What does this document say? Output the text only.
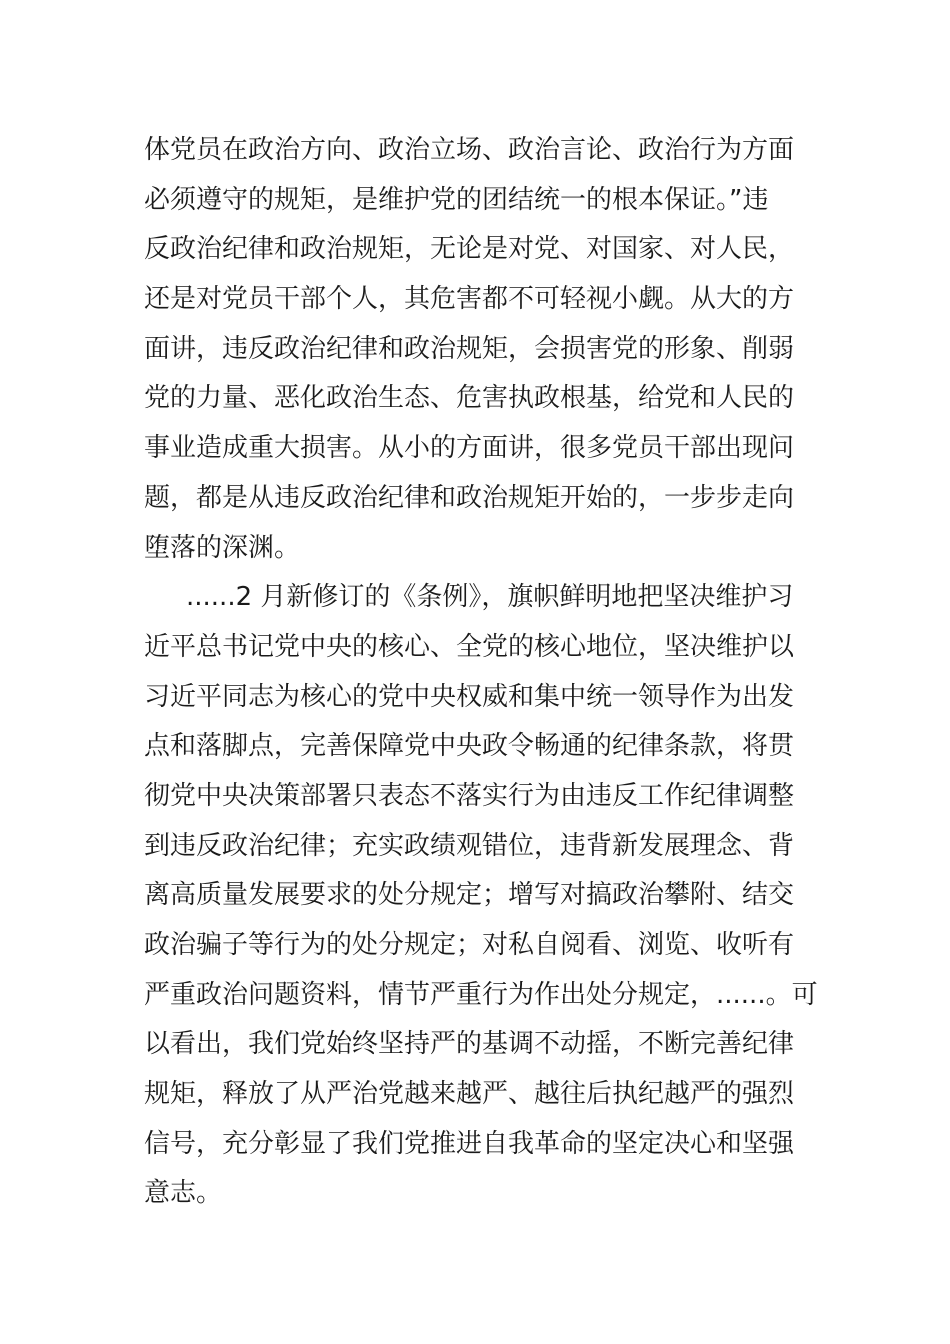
体党员在政治方向、政治立场、政治言论、政治行为方面
必须遵守的规矩，是维护党的团结统一的根本保证。”违
反政治纪律和政治规矩，无论是对党、对国家、对人民，
还是对党员干部个人，其危害都不可轻视小觑。从大的方
面讲，违反政治纪律和政治规矩，会损害党的形象、削弱
党的力量、恶化政治生态、危害执政根基，给党和人民的
事业造成重大损害。从小的方面讲，很多党员干部出现问
题，都是从违反政治纪律和政治规矩开始的，一步步走向
堕落的深渊。
......2 月新修订的《条例》，旗帜鲜明地把坚决维护习
近平总书记党中央的核心、全党的核心地位，坚决维护以
习近平同志为核心的党中央权威和集中统一领导作为出发
点和落脚点，完善保障党中央政令畅通的纪律条款，将贯
彻党中央决策部署只表态不落实行为由违反工作纪律调整
到违反政治纪律；充实政绩观错位，违背新发展理念、背
离高质量发展要求的处分规定；增写对搞政治攀附、结交
政治骗子等行为的处分规定；对私自阅看、浏览、收听有
严重政治问题资料，情节严重行为作出处分规定，......。可
以看出，我们党始终坚持严的基调不动摇，不断完善纪律
规矩，释放了从严治党越来越严、越往后执纪越严的强烈
信号，充分彰显了我们党推进自我革命的坚定决心和坚强
意志。
